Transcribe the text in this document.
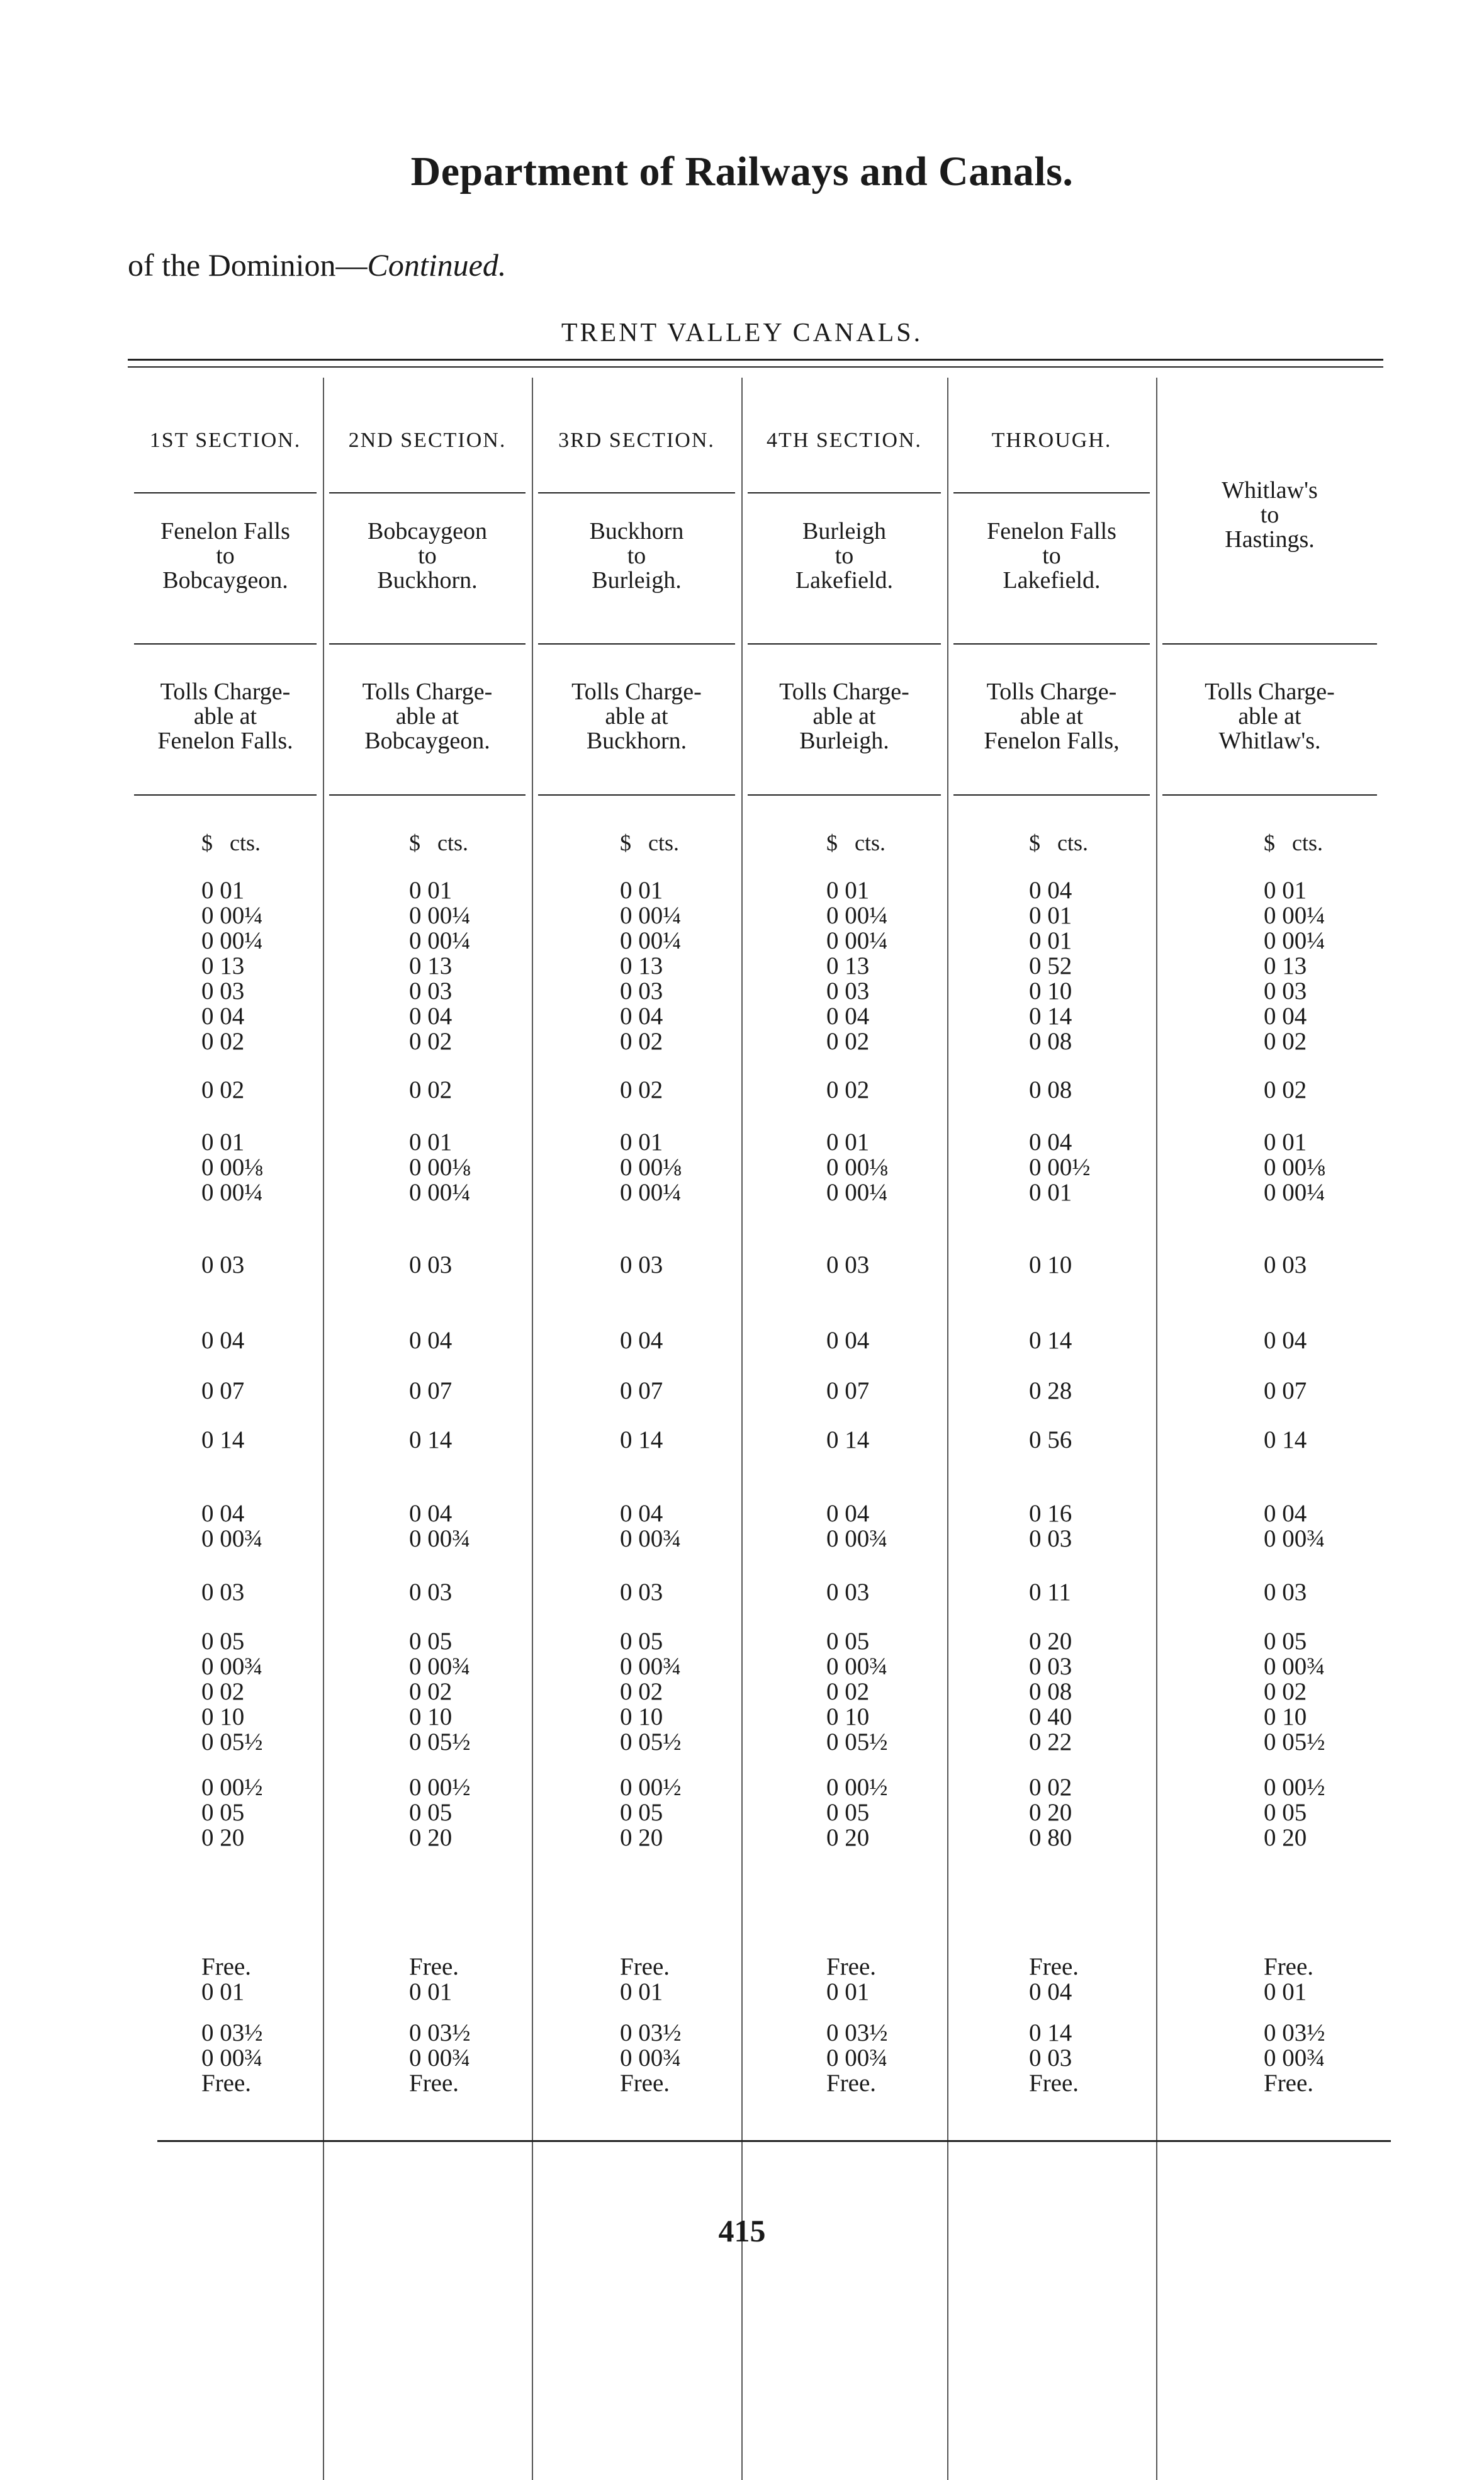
Department of Railways and Canals.
of the Dominion—Continued.
TRENT VALLEY CANALS.
1ST SECTION.
Fenelon Falls
to
Bobcaygeon.
Tolls Charge-
able at
Fenelon Falls.
$   cts.
0 01
0 00¼
0 00¼
0 13
0 03
0 04
0 02
0 02
0 01
0 00⅛
0 00¼
0 03
0 04
0 07
0 14
0 04
0 00¾
0 03
0 05
0 00¾
0 02
0 10
0 05½
0 00½
0 05
0 20
Free.
0 01
0 03½
0 00¾
Free.
2ND SECTION.
Bobcaygeon
to
Buckhorn.
Tolls Charge-
able at
Bobcaygeon.
$   cts.
0 01
0 00¼
0 00¼
0 13
0 03
0 04
0 02
0 02
0 01
0 00⅛
0 00¼
0 03
0 04
0 07
0 14
0 04
0 00¾
0 03
0 05
0 00¾
0 02
0 10
0 05½
0 00½
0 05
0 20
Free.
0 01
0 03½
0 00¾
Free.
3RD SECTION.
Buckhorn
to
Burleigh.
Tolls Charge-
able at
Buckhorn.
$   cts.
0 01
0 00¼
0 00¼
0 13
0 03
0 04
0 02
0 02
0 01
0 00⅛
0 00¼
0 03
0 04
0 07
0 14
0 04
0 00¾
0 03
0 05
0 00¾
0 02
0 10
0 05½
0 00½
0 05
0 20
Free.
0 01
0 03½
0 00¾
Free.
4TH SECTION.
Burleigh
to
Lakefield.
Tolls Charge-
able at
Burleigh.
$   cts.
0 01
0 00¼
0 00¼
0 13
0 03
0 04
0 02
0 02
0 01
0 00⅛
0 00¼
0 03
0 04
0 07
0 14
0 04
0 00¾
0 03
0 05
0 00¾
0 02
0 10
0 05½
0 00½
0 05
0 20
Free.
0 01
0 03½
0 00¾
Free.
THROUGH.
Fenelon Falls
to
Lakefield.
Tolls Charge-
able at
Fenelon Falls,
$   cts.
0 04
0 01
0 01
0 52
0 10
0 14
0 08
0 08
0 04
0 00½
0 01
0 10
0 14
0 28
0 56
0 16
0 03
0 11
0 20
0 03
0 08
0 40
0 22
0 02
0 20
0 80
Free.
0 04
0 14
0 03
Free.
Whitlaw's
to
Hastings.
Tolls Charge-
able at
Whitlaw's.
$   cts.
0 01
0 00¼
0 00¼
0 13
0 03
0 04
0 02
0 02
0 01
0 00⅛
0 00¼
0 03
0 04
0 07
0 14
0 04
0 00¾
0 03
0 05
0 00¾
0 02
0 10
0 05½
0 00½
0 05
0 20
Free.
0 01
0 03½
0 00¾
Free.
415
